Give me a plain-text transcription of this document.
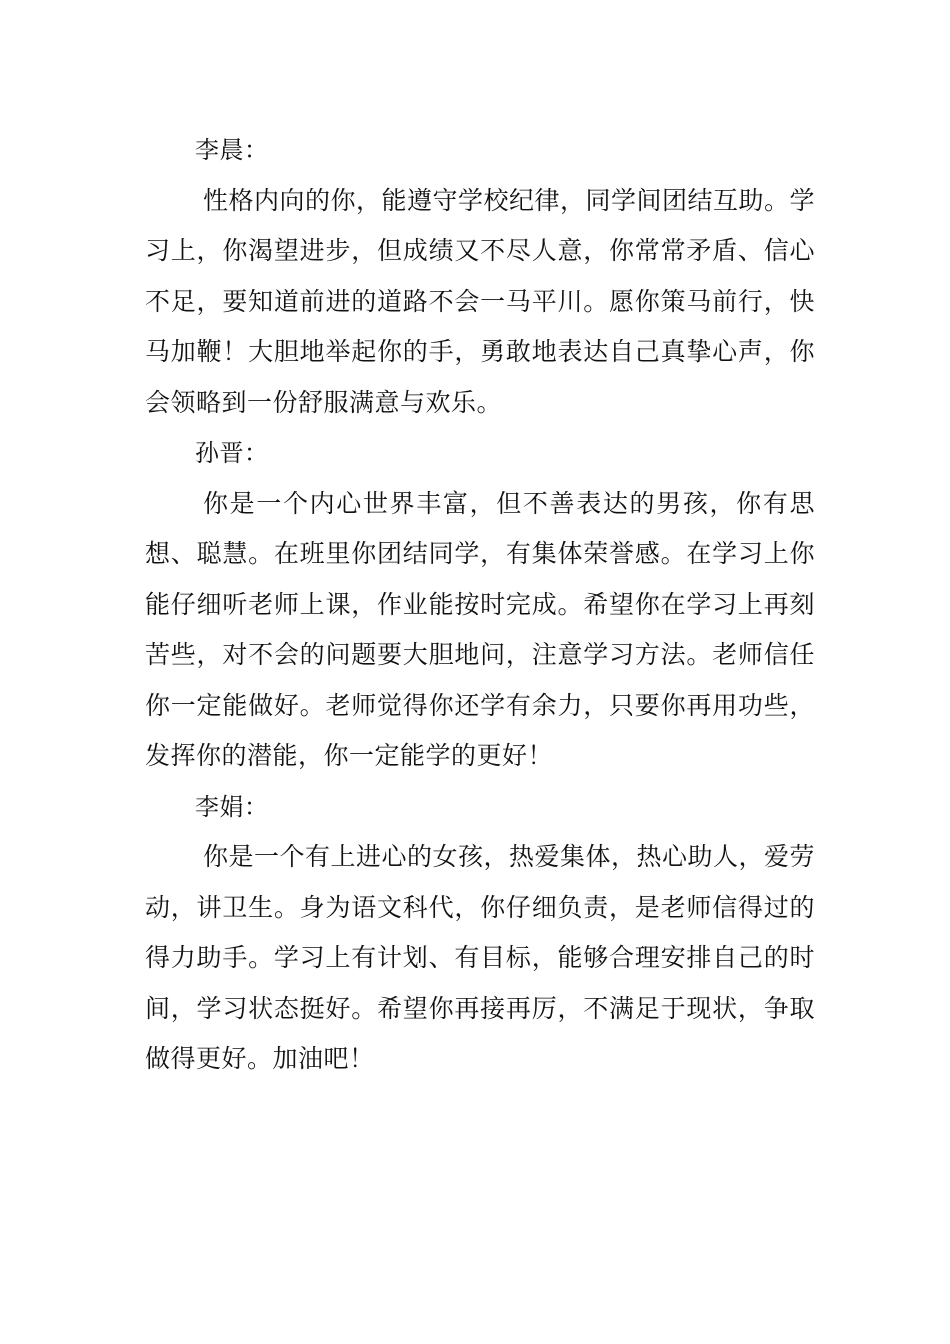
李晨：

性格内向的你，能遵守学校纪律，同学间团结互助。学习上，你渴望进步，但成绩又不尽人意，你常常矛盾、信心不足，要知道前进的道路不会一马平川。愿你策马前行，快马加鞭！大胆地举起你的手，勇敢地表达自己真挚心声，你会领略到一份舒服满意与欢乐。

孙晋：

你是一个内心世界丰富，但不善表达的男孩，你有思想、聪慧。在班里你团结同学，有集体荣誉感。在学习上你能仔细听老师上课，作业能按时完成。希望你在学习上再刻苦些，对不会的问题要大胆地问，注意学习方法。老师信任你一定能做好。老师觉得你还学有余力，只要你再用功些，发挥你的潜能，你一定能学的更好！

李娟：

你是一个有上进心的女孩，热爱集体，热心助人，爱劳动，讲卫生。身为语文科代，你仔细负责，是老师信得过的得力助手。学习上有计划、有目标，能够合理安排自己的时间，学习状态挺好。希望你再接再厉，不满足于现状，争取做得更好。加油吧！
